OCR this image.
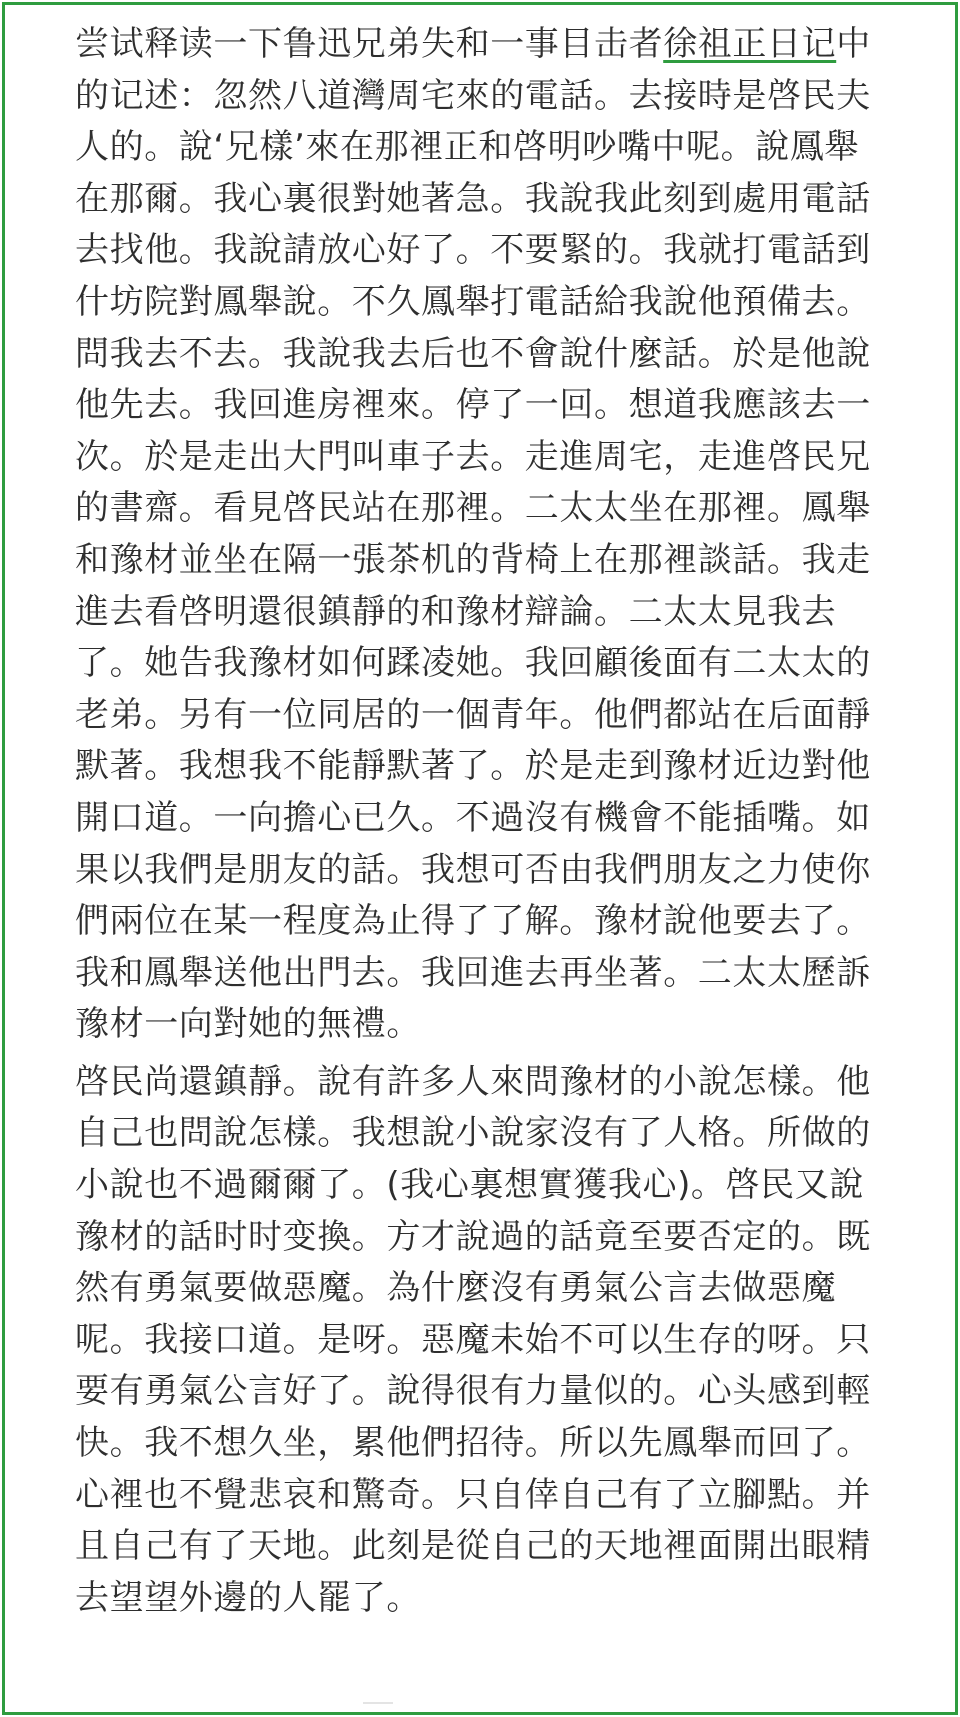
尝试释读一下鲁迅兄弟失和一事目击者徐祖正日记中
的记述：忽然八道灣周宅來的電話。去接時是啓民夫
人的。說‘兄樣’來在那裡正和啓明吵嘴中呢。說鳳舉
在那爾。我心裏很對她著急。我說我此刻到處用電話
去找他。我說請放心好了。不要緊的。我就打電話到
什坊院對鳳舉說。不久鳳舉打電話給我說他預備去。
問我去不去。我說我去后也不會說什麼話。於是他說
他先去。我回進房裡來。停了一回。想道我應該去一
次。於是走出大門叫車子去。走進周宅，走進啓民兄
的書齋。看見啓民站在那裡。二太太坐在那裡。鳳舉
和豫材並坐在隔一張茶机的背椅上在那裡談話。我走
進去看啓明還很鎮靜的和豫材辯論。二太太見我去
了。她告我豫材如何蹂凌她。我回顧後面有二太太的
老弟。另有一位同居的一個青年。他們都站在后面靜
默著。我想我不能靜默著了。於是走到豫材近边對他
開口道。一向擔心已久。不過沒有機會不能插嘴。如
果以我們是朋友的話。我想可否由我們朋友之力使你
們兩位在某一程度為止得了了解。豫材說他要去了。
我和鳳舉送他出門去。我回進去再坐著。二太太歷訴
豫材一向對她的無禮。
啓民尚還鎮靜。說有許多人來問豫材的小說怎樣。他
自己也問說怎樣。我想說小說家沒有了人格。所做的
小說也不過爾爾了。(我心裏想實獲我心)。啓民又說
豫材的話时时变換。方才說過的話竟至要否定的。既
然有勇氣要做惡魔。為什麼沒有勇氣公言去做惡魔
呢。我接口道。是呀。惡魔未始不可以生存的呀。只
要有勇氣公言好了。說得很有力量似的。心头感到輕
快。我不想久坐，累他們招待。所以先鳳舉而回了。
心裡也不覺悲哀和驚奇。只自倖自己有了立腳點。并
且自己有了天地。此刻是從自己的天地裡面開出眼精
去望望外邊的人罷了。
